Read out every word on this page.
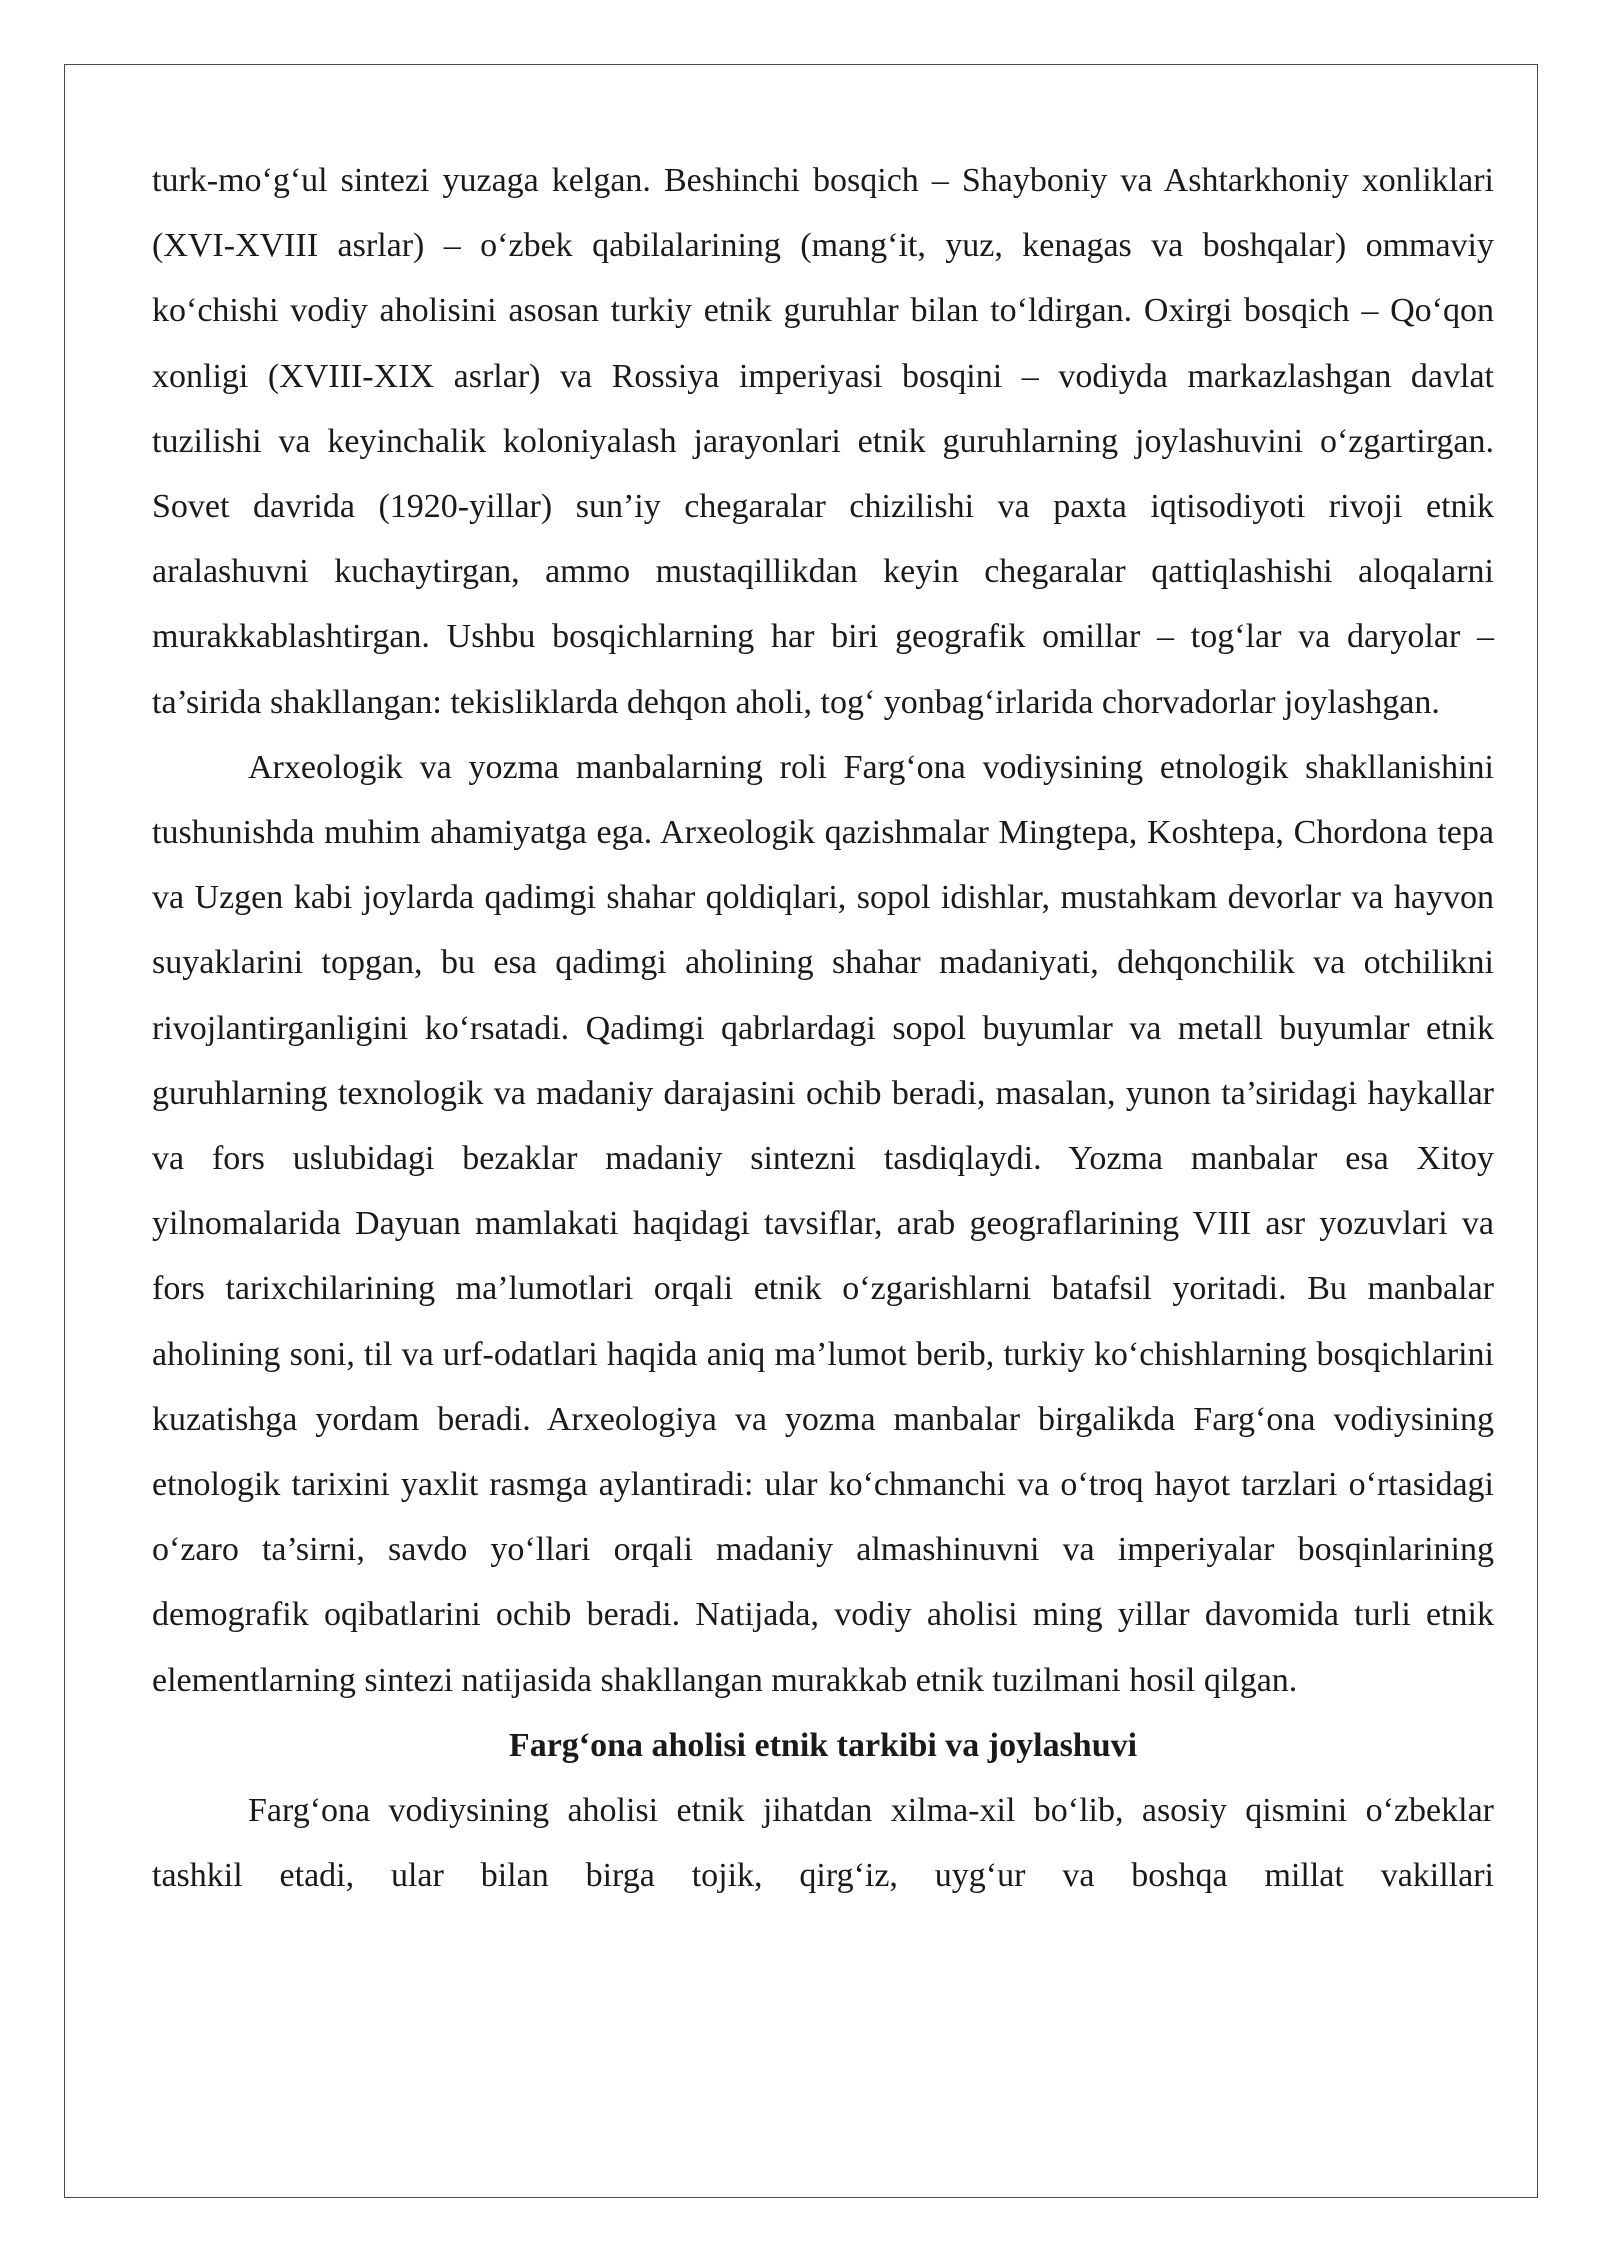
turk-mo‘g‘ul sintezi yuzaga kelgan. Beshinchi bosqich – Shayboniy va Ashtarkhoniy xonliklari (XVI-XVIII asrlar) – o‘zbek qabilalarining (mang‘it, yuz, kenagas va boshqalar) ommaviy ko‘chishi vodiy aholisini asosan turkiy etnik guruhlar bilan to‘ldirgan. Oxirgi bosqich – Qo‘qon xonligi (XVIII-XIX asrlar) va Rossiya imperiyasi bosqini – vodiyda markazlashgan davlat tuzilishi va keyinchalik koloniyalash jarayonlari etnik guruhlarning joylashuvini o‘zgartirgan. Sovet davrida (1920-yillar) sun’iy chegaralar chizilishi va paxta iqtisodiyoti rivoji etnik aralashuvni kuchaytirgan, ammo mustaqillikdan keyin chegaralar qattiqlashishi aloqalarni murakkablashtirgan. Ushbu bosqichlarning har biri geografik omillar – tog‘lar va daryolar – ta’sirida shakllangan: tekisliklarda dehqon aholi, tog‘ yonbag‘irlarida chorvadorlar joylashgan.

Arxeologik va yozma manbalarning roli Farg‘ona vodiysining etnologik shakllanishini tushunishda muhim ahamiyatga ega. Arxeologik qazishmalar Mingtepa, Koshtepa, Chordona tepa va Uzgen kabi joylarda qadimgi shahar qoldiqlari, sopol idishlar, mustahkam devorlar va hayvon suyaklarini topgan, bu esa qadimgi aholining shahar madaniyati, dehqonchilik va otchilikni rivojlantirganligini ko‘rsatadi. Qadimgi qabrlardagi sopol buyumlar va metall buyumlar etnik guruhlarning texnologik va madaniy darajasini ochib beradi, masalan, yunon ta’siridagi haykallar va fors uslubidagi bezaklar madaniy sintezni tasdiqlaydi. Yozma manbalar esa Xitoy yilnomalarida Dayuan mamlakati haqidagi tavsiflar, arab geograflarining VIII asr yozuvlari va fors tarixchilarining ma’lumotlari orqali etnik o‘zgarishlarni batafsil yoritadi. Bu manbalar aholining soni, til va urf-odatlari haqida aniq ma’lumot berib, turkiy ko‘chishlarning bosqichlarini kuzatishga yordam beradi. Arxeologiya va yozma manbalar birgalikda Farg‘ona vodiysining etnologik tarixini yaxlit rasmga aylantiradi: ular ko‘chmanchi va o‘troq hayot tarzlari o‘rtasidagi o‘zaro ta’sirni, savdo yo‘llari orqali madaniy almashinuvni va imperiyalar bosqinlarining demografik oqibatlarini ochib beradi. Natijada, vodiy aholisi ming yillar davomida turli etnik elementlarning sintezi natijasida shakllangan murakkab etnik tuzilmani hosil qilgan.

Farg‘ona aholisi etnik tarkibi va joylashuvi

Farg‘ona vodiysining aholisi etnik jihatdan xilma-xil bo‘lib, asosiy qismini o‘zbeklar tashkil etadi, ular bilan birga tojik, qirg‘iz, uyg‘ur va boshqa millat vakillari
